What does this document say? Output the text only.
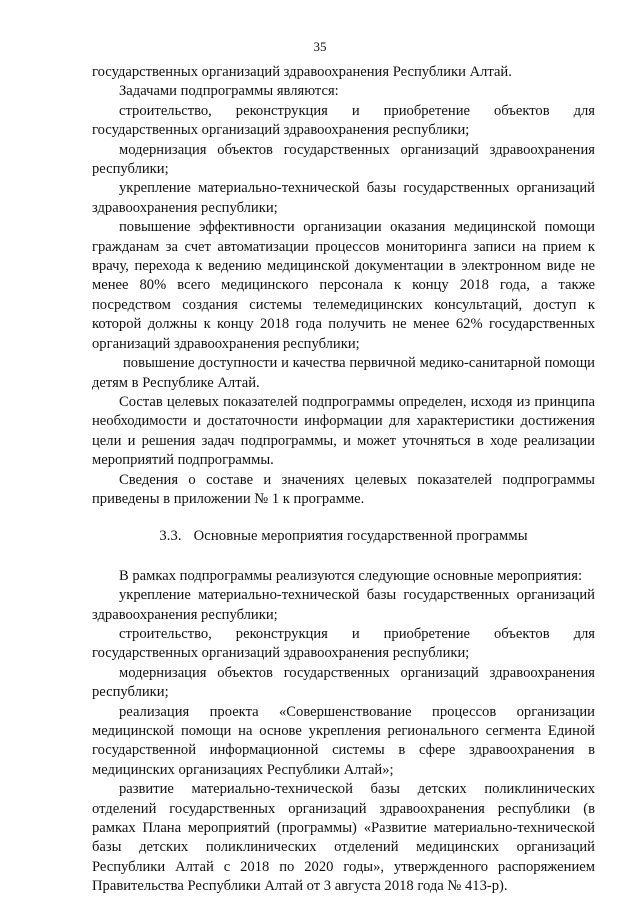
35

государственных организаций здравоохранения Республики Алтай.

Задачами подпрограммы являются:

строительство, реконструкция и приобретение объектов для государственных организаций здравоохранения республики;

модернизация объектов государственных организаций здравоохранения республики;

укрепление материально-технической базы государственных организаций здравоохранения республики;

повышение эффективности организации оказания медицинской помощи гражданам за счет автоматизации процессов мониторинга записи на прием к врачу, перехода к ведению медицинской документации в электронном виде не менее 80% всего медицинского персонала к концу 2018 года, а также посредством создания системы телемедицинских консультаций, доступ к которой должны к концу 2018 года получить не менее 62% государственных организаций здравоохранения республики;

повышение доступности и качества первичной медико-санитарной помощи детям в Республике Алтай.

Состав целевых показателей подпрограммы определен, исходя из принципа необходимости и достаточности информации для характеристики достижения цели и решения задач подпрограммы, и может уточняться в ходе реализации мероприятий подпрограммы.

Сведения о составе и значениях целевых показателей подпрограммы приведены в приложении № 1 к программе.

3.3. Основные мероприятия государственной программы

В рамках подпрограммы реализуются следующие основные мероприятия:

укрепление материально-технической базы государственных организаций здравоохранения республики;

строительство, реконструкция и приобретение объектов для государственных организаций здравоохранения республики;

модернизация объектов государственных организаций здравоохранения республики;

реализация проекта «Совершенствование процессов организации медицинской помощи на основе укрепления регионального сегмента Единой государственной информационной системы в сфере здравоохранения в медицинских организациях Республики Алтай»;

развитие материально-технической базы детских поликлинических отделений государственных организаций здравоохранения республики (в рамках Плана мероприятий (программы) «Развитие материально-технической базы детских поликлинических отделений медицинских организаций Республики Алтай с 2018 по 2020 годы», утвержденного распоряжением Правительства Республики Алтай от 3 августа 2018 года № 413-р).
